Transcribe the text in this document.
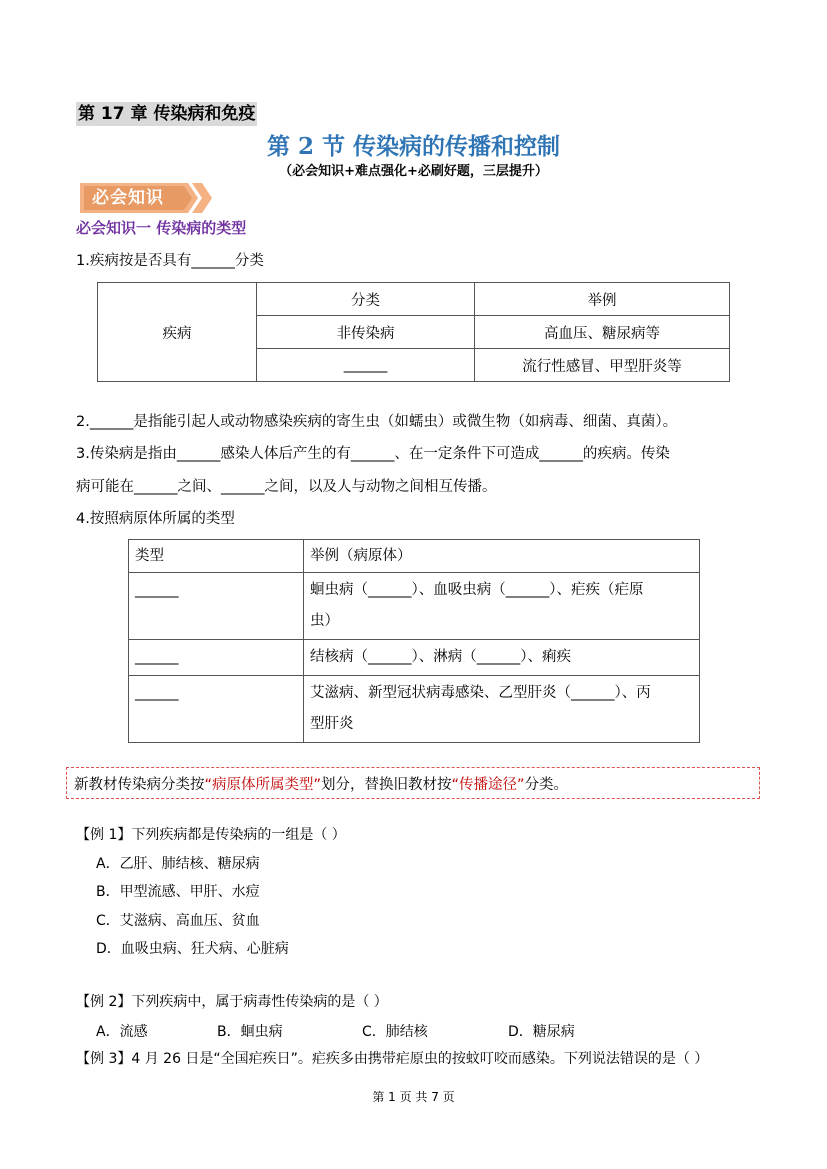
第 17 章 传染病和免疫
第 2 节 传染病的传播和控制
（必会知识+难点强化+必刷好题，三层提升）
必会知识
必会知识一 传染病的类型
1.疾病按是否具有______分类
疾病	分类	举例
	非传染病	高血压、糖尿病等
	______	流行性感冒、甲型肝炎等
2.______是指能引起人或动物感染疾病的寄生虫（如蠕虫）或微生物（如病毒、细菌、真菌）。
3.传染病是指由______感染人体后产生的有______、在一定条件下可造成______的疾病。传染
病可能在______之间、______之间，以及人与动物之间相互传播。
4.按照病原体所属的类型
类型	举例（病原体）
______	蛔虫病（______）、血吸虫病（______）、疟疾（疟原
虫）

______	结核病（______）、淋病（______）、痢疾

______	艾滋病、新型冠状病毒感染、乙型肝炎（______）、丙
型肝炎
新教材传染病分类按“病原体所属类型”划分，替换旧教材按“传播途径”分类。
【例 1】下列疾病都是传染病的一组是（ ）
A．乙肝、肺结核、糖尿病
B．甲型流感、甲肝、水痘
C．艾滋病、高血压、贫血
D．血吸虫病、狂犬病、心脏病
【例 2】下列疾病中，属于病毒性传染病的是（ ）
A．流感	B．蛔虫病	C．肺结核	D．糖尿病
【例 3】4 月 26 日是“全国疟疾日”。疟疾多由携带疟原虫的按蚊叮咬而感染。下列说法错误的是（ ）
第 1 页 共 7 页
